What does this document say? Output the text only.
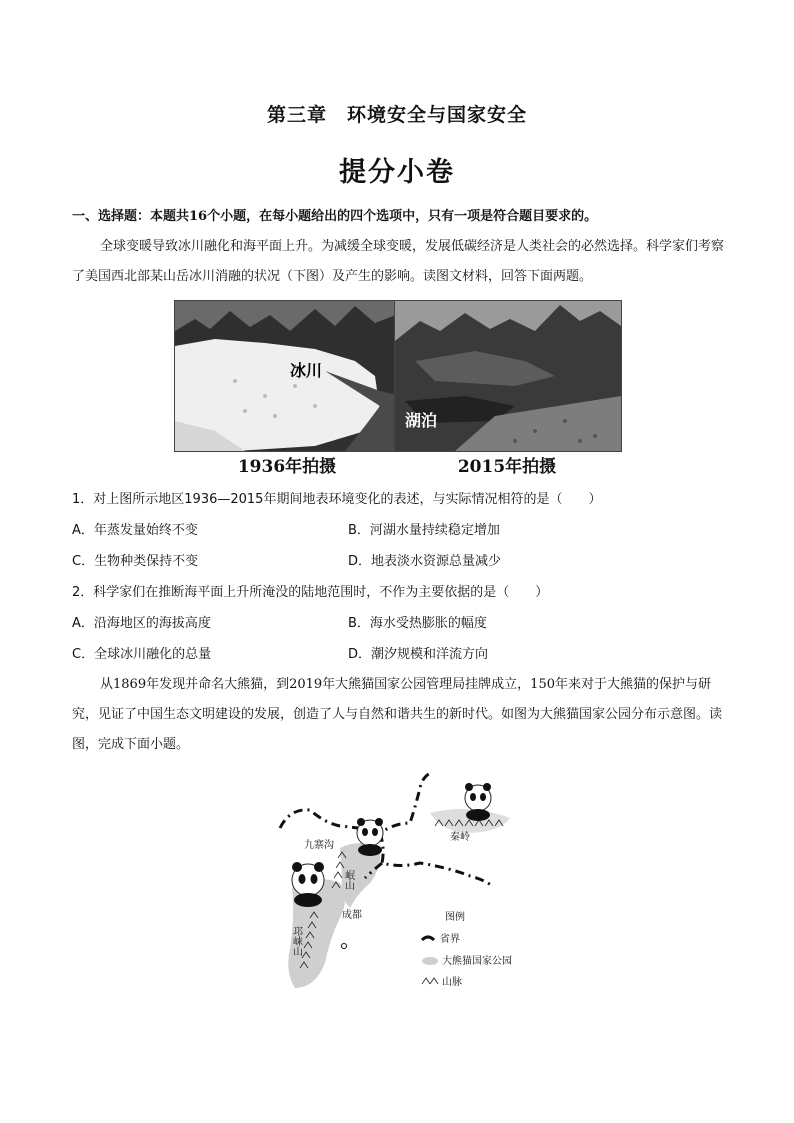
第三章　环境安全与国家安全
提分小卷
一、选择题：本题共16个小题，在每小题给出的四个选项中，只有一项是符合题目要求的。
全球变暖导致冰川融化和海平面上升。为减缓全球变暖，发展低碳经济是人类社会的必然选择。科学家们考察了美国西北部某山岳冰川消融的状况（下图）及产生的影响。读图文材料，回答下面两题。
冰川
湖泊
1936年拍摄	2015年拍摄
1．对上图所示地区1936—2015年期间地表环境变化的表述，与实际情况相符的是（　　）
A．年蒸发量始终不变	B．河湖水量持续稳定增加
C．生物种类保持不变	D．地表淡水资源总量减少
2．科学家们在推断海平面上升所淹没的陆地范围时，不作为主要依据的是（　　）
A．沿海地区的海拔高度	B．海水受热膨胀的幅度
C．全球冰川融化的总量	D．潮汐规模和洋流方向
从1869年发现并命名大熊猫，到2019年大熊猫国家公园管理局挂牌成立，150年来对于大熊猫的保护与研究，见证了中国生态文明建设的发展，创造了人与自然和谐共生的新时代。如图为大熊猫国家公园分布示意图。读图，完成下面小题。
九寨沟
秦岭
成都
岷山
邛崃山
图例
省界
大熊猫国家公园
山脉
